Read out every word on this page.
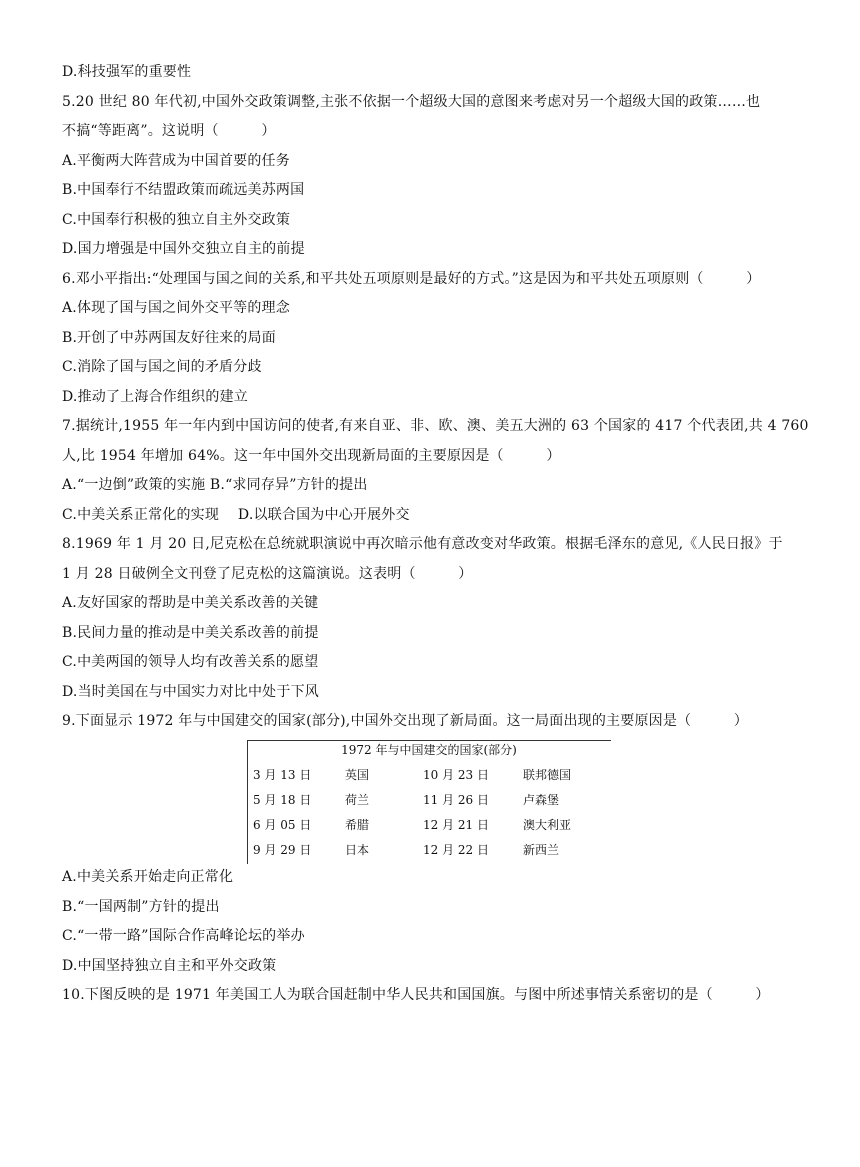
D.科技强军的重要性
5.20 世纪 80 年代初,中国外交政策调整,主张不依据一个超级大国的意图来考虑对另一个超级大国的政策……也
不搞“等距离”。这说明（　　　）
A.平衡两大阵营成为中国首要的任务
B.中国奉行不结盟政策而疏远美苏两国
C.中国奉行积极的独立自主外交政策
D.国力增强是中国外交独立自主的前提
6.邓小平指出:“处理国与国之间的关系,和平共处五项原则是最好的方式。”这是因为和平共处五项原则（　　　）
A.体现了国与国之间外交平等的理念
B.开创了中苏两国友好往来的局面
C.消除了国与国之间的矛盾分歧
D.推动了上海合作组织的建立
7.据统计,1955 年一年内到中国访问的使者,有来自亚、非、欧、澳、美五大洲的 63 个国家的 417 个代表团,共 4 760
人,比 1954 年增加 64%。这一年中国外交出现新局面的主要原因是（　　　）
A.“一边倒”政策的实施 B.“求同存异”方针的提出
C.中美关系正常化的实现　 D.以联合国为中心开展外交
8.1969 年 1 月 20 日,尼克松在总统就职演说中再次暗示他有意改变对华政策。根据毛泽东的意见,《人民日报》于
1 月 28 日破例全文刊登了尼克松的这篇演说。这表明（　　　）
A.友好国家的帮助是中美关系改善的关键
B.民间力量的推动是中美关系改善的前提
C.中美两国的领导人均有改善关系的愿望
D.当时美国在与中国实力对比中处于下风
9.下面显示 1972 年与中国建交的国家(部分),中国外交出现了新局面。这一局面出现的主要原因是（　　　）
1972 年与中国建交的国家(部分)
3 月 13 日	英国	10 月 23 日	联邦德国
5 月 18 日	荷兰	11 月 26 日	卢森堡
6 月 05 日	希腊	12 月 21 日	澳大利亚
9 月 29 日	日本	12 月 22 日	新西兰
A.中美关系开始走向正常化
B.“一国两制”方针的提出
C.“一带一路”国际合作高峰论坛的举办
D.中国坚持独立自主和平外交政策
10.下图反映的是 1971 年美国工人为联合国赶制中华人民共和国国旗。与图中所述事情关系密切的是（　　　）
